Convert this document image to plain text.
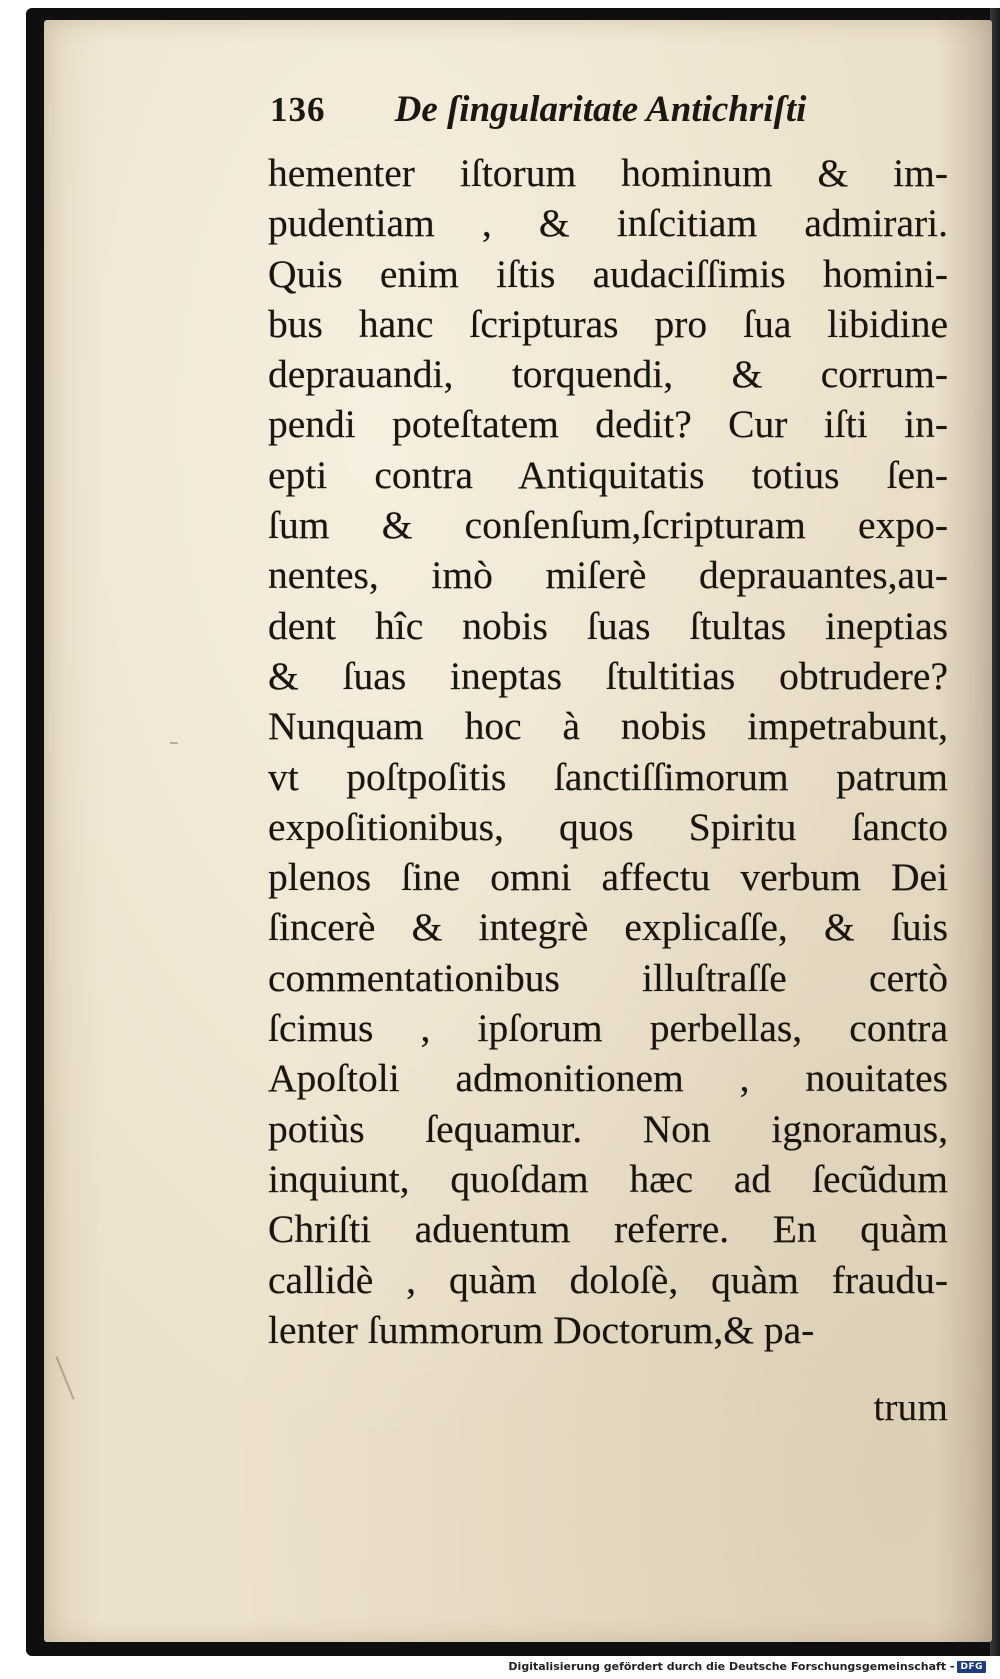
136 De ſingularitate Antichriſti
hementer iſtorum hominum & im-
pudentiam , & inſcitiam admirari.
Quis enim iſtis audaciſſimis homini-
bus hanc ſcripturas pro ſua libidine
deprauandi, torquendi, & corrum-
pendi poteſtatem dedit? Cur iſti in-
epti contra Antiquitatis totius ſen-
ſum & conſenſum,ſcripturam expo-
nentes, imò miſerè deprauantes,au-
dent hîc nobis ſuas ſtultas ineptias
& ſuas ineptas ſtultitias obtrudere?
Nunquam hoc à nobis impetrabunt,
vt poſtpoſitis ſanctiſſimorum patrum
expoſitionibus, quos Spiritu ſancto
plenos ſine omni affectu verbum Dei
ſincerè & integrè explicaſſe, & ſuis
commentationibus illuſtraſſe certò
ſcimus , ipſorum perbellas, contra
Apoſtoli admonitionem , nouitates
potiùs ſequamur. Non ignoramus,
inquiunt, quoſdam hæc ad ſecũdum
Chriſti aduentum referre. En quàm
callidè , quàm doloſè, quàm fraudu-
lenter ſummorum Doctorum,& pa-
trum
Digitalisierung gefördert durch die Deutsche Forschungsgemeinschaft - DFG
